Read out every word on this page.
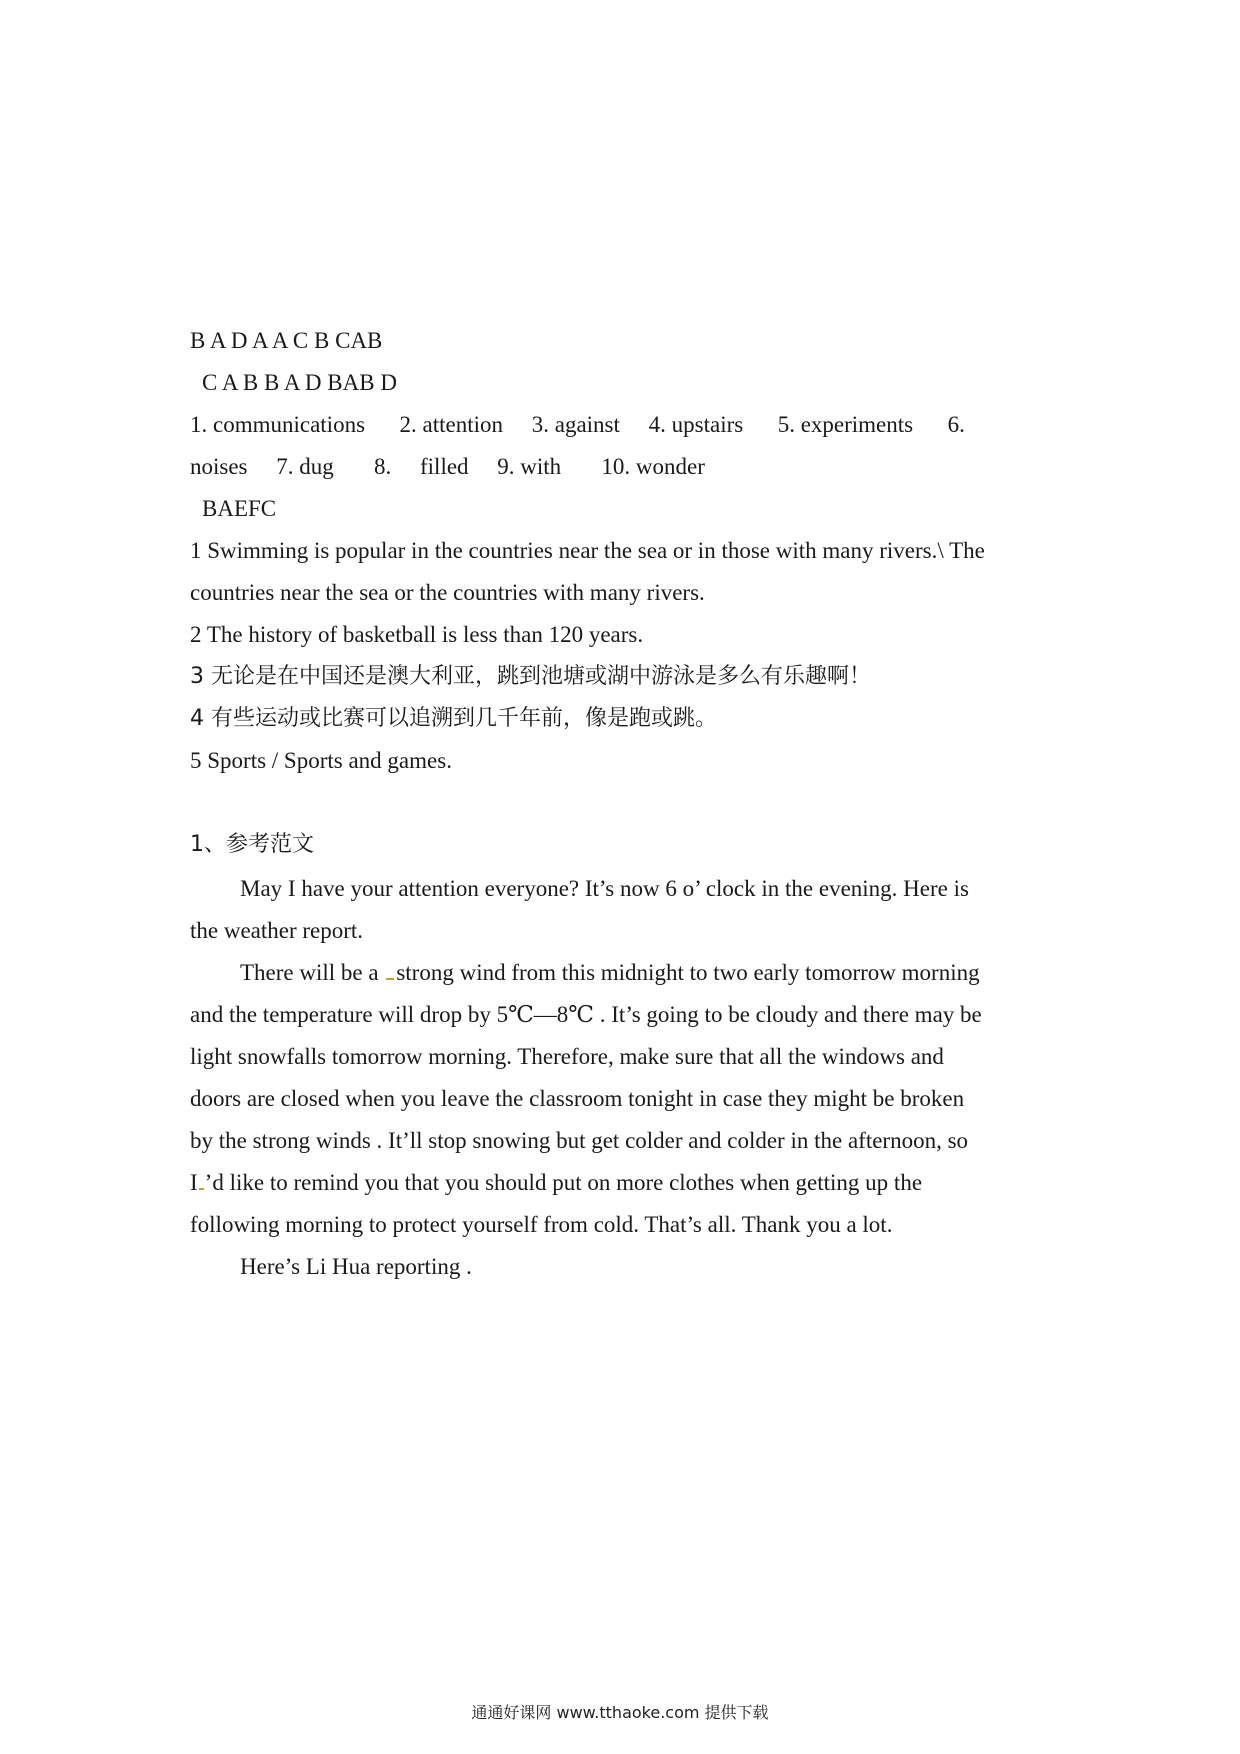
B A D A A C B CAB
C A B B A D BAB D
1. communications      2. attention     3. against     4. upstairs      5. experiments      6.
noises     7. dug       8.     filled     9. with       10. wonder
BAEFC
1 Swimming is popular in the countries near the sea or in those with many rivers.\ The
countries near the sea or the countries with many rivers.
2 The history of basketball is less than 120 years.
3 无论是在中国还是澳大利亚，跳到池塘或湖中游泳是多么有乐趣啊！
4 有些运动或比赛可以追溯到几千年前，像是跑或跳。
5 Sports / Sports and games.
1、参考范文
May I have your attention everyone? It’s now 6 o’ clock in the evening. Here is
the weather report.
There will be a strong wind from this midnight to two early tomorrow morning
and the temperature will drop by 5℃—8℃ . It’s going to be cloudy and there may be
light snowfalls tomorrow morning. Therefore, make sure that all the windows and
doors are closed when you leave the classroom tonight in case they might be broken
by the strong winds . It’ll stop snowing but get colder and colder in the afternoon, so
I ’d like to remind you that you should put on more clothes when getting up the
following morning to protect yourself from cold. That’s all. Thank you a lot.
Here’s Li Hua reporting .
通通好课网 www.tthaoke.com 提供下载
